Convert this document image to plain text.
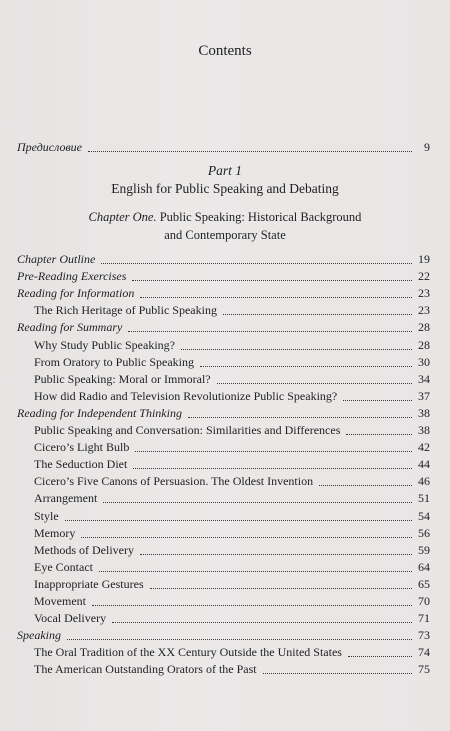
Contents
Part 1
English for Public Speaking and Debating
Chapter One. Public Speaking: Historical Background
and Contemporary State
Предисловие	9
Chapter Outline	19
Pre-Reading Exercises	22
Reading for Information	23
The Rich Heritage of Public Speaking	23
Reading for Summary	28
Why Study Public Speaking?	28
From Oratory to Public Speaking	30
Public Speaking: Moral or Immoral?	34
How did Radio and Television Revolutionize Public Speaking?	37
Reading for Independent Thinking	38
Public Speaking and Conversation: Similarities and Differences	38
Cicero’s Light Bulb	42
The Seduction Diet	44
Cicero’s Five Canons of Persuasion. The Oldest Invention	46
Arrangement	51
Style	54
Memory	56
Methods of Delivery	59
Eye Contact	64
Inappropriate Gestures	65
Movement	70
Vocal Delivery	71
Speaking	73
The Oral Tradition of the XX Century Outside the United States	74
The American Outstanding Orators of the Past	75
